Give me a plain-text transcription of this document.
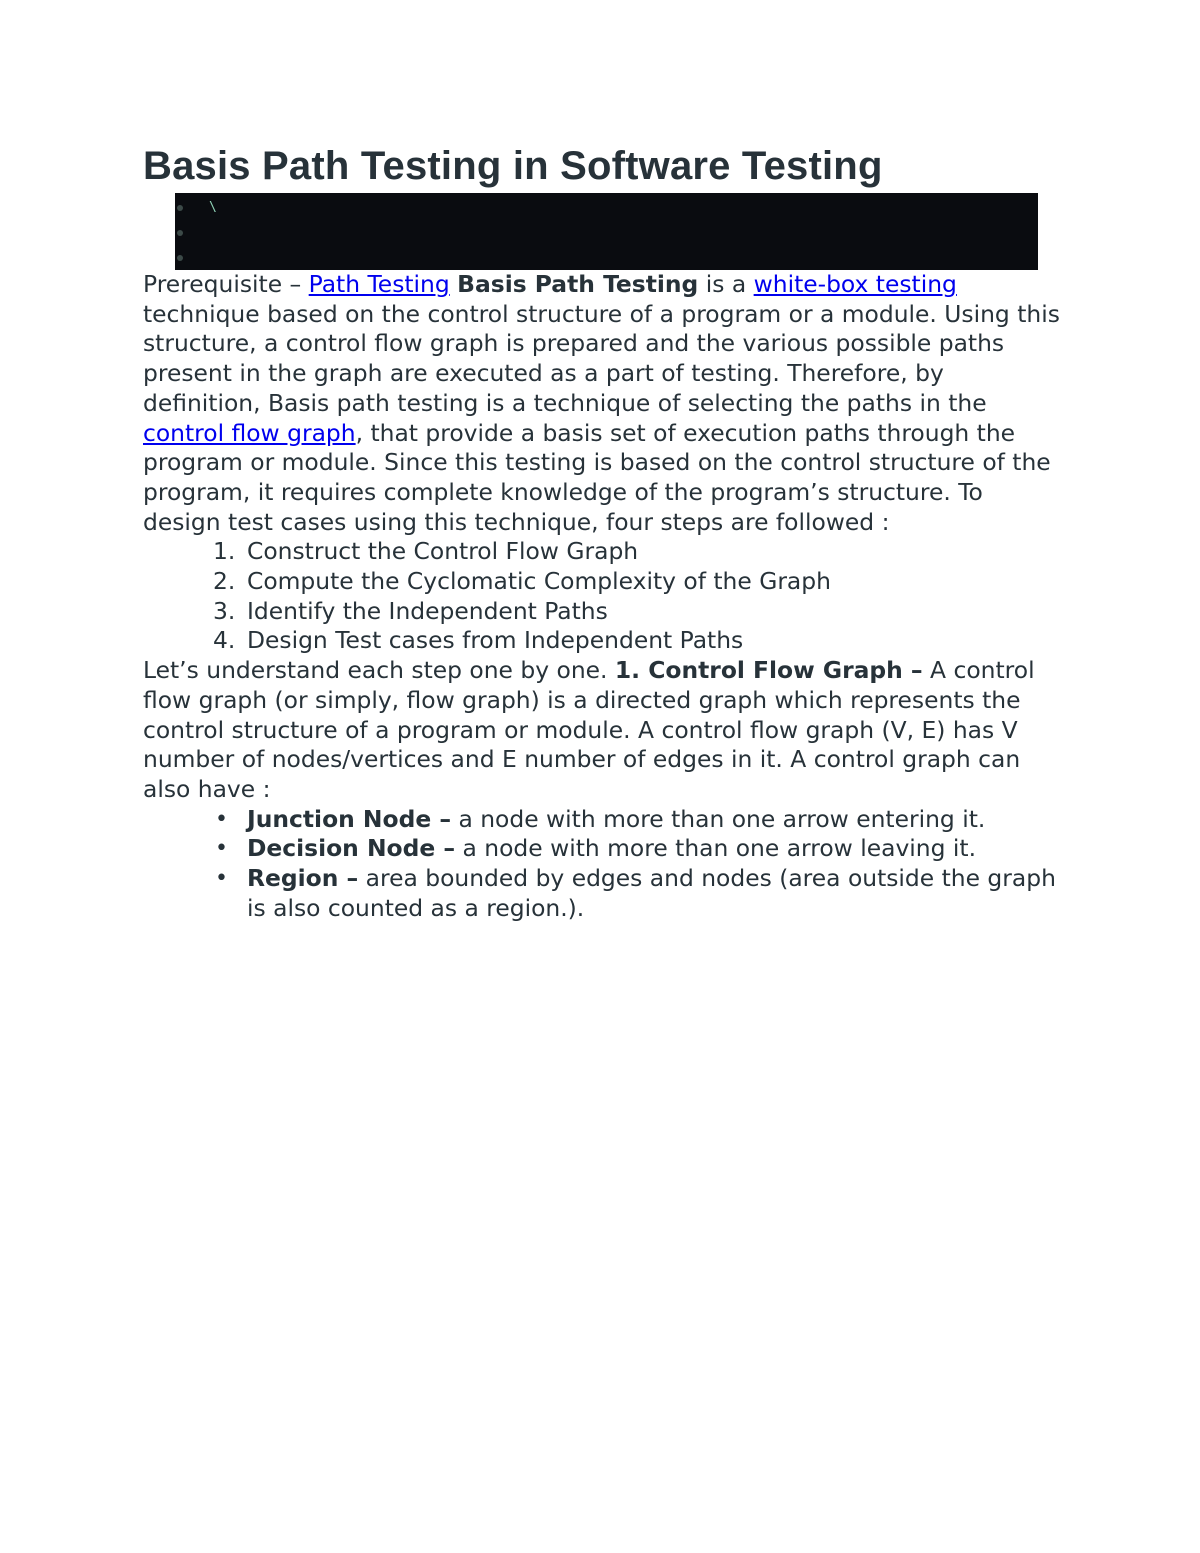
Basis Path Testing in Software Testing
\

Prerequisite – Path Testing Basis Path Testing is a white-box testing technique based on the control structure of a program or a module. Using this structure, a control flow graph is prepared and the various possible paths present in the graph are executed as a part of testing. Therefore, by definition, Basis path testing is a technique of selecting the paths in the control flow graph, that provide a basis set of execution paths through the program or module. Since this testing is based on the control structure of the program, it requires complete knowledge of the program’s structure. To design test cases using this technique, four steps are followed :

1. Construct the Control Flow Graph
2. Compute the Cyclomatic Complexity of the Graph
3. Identify the Independent Paths
4. Design Test cases from Independent Paths

Let’s understand each step one by one. 1. Control Flow Graph – A control flow graph (or simply, flow graph) is a directed graph which represents the control structure of a program or module. A control flow graph (V, E) has V number of nodes/vertices and E number of edges in it. A control graph can also have :

• Junction Node – a node with more than one arrow entering it.
• Decision Node – a node with more than one arrow leaving it.
• Region – area bounded by edges and nodes (area outside the graph is also counted as a region.).
